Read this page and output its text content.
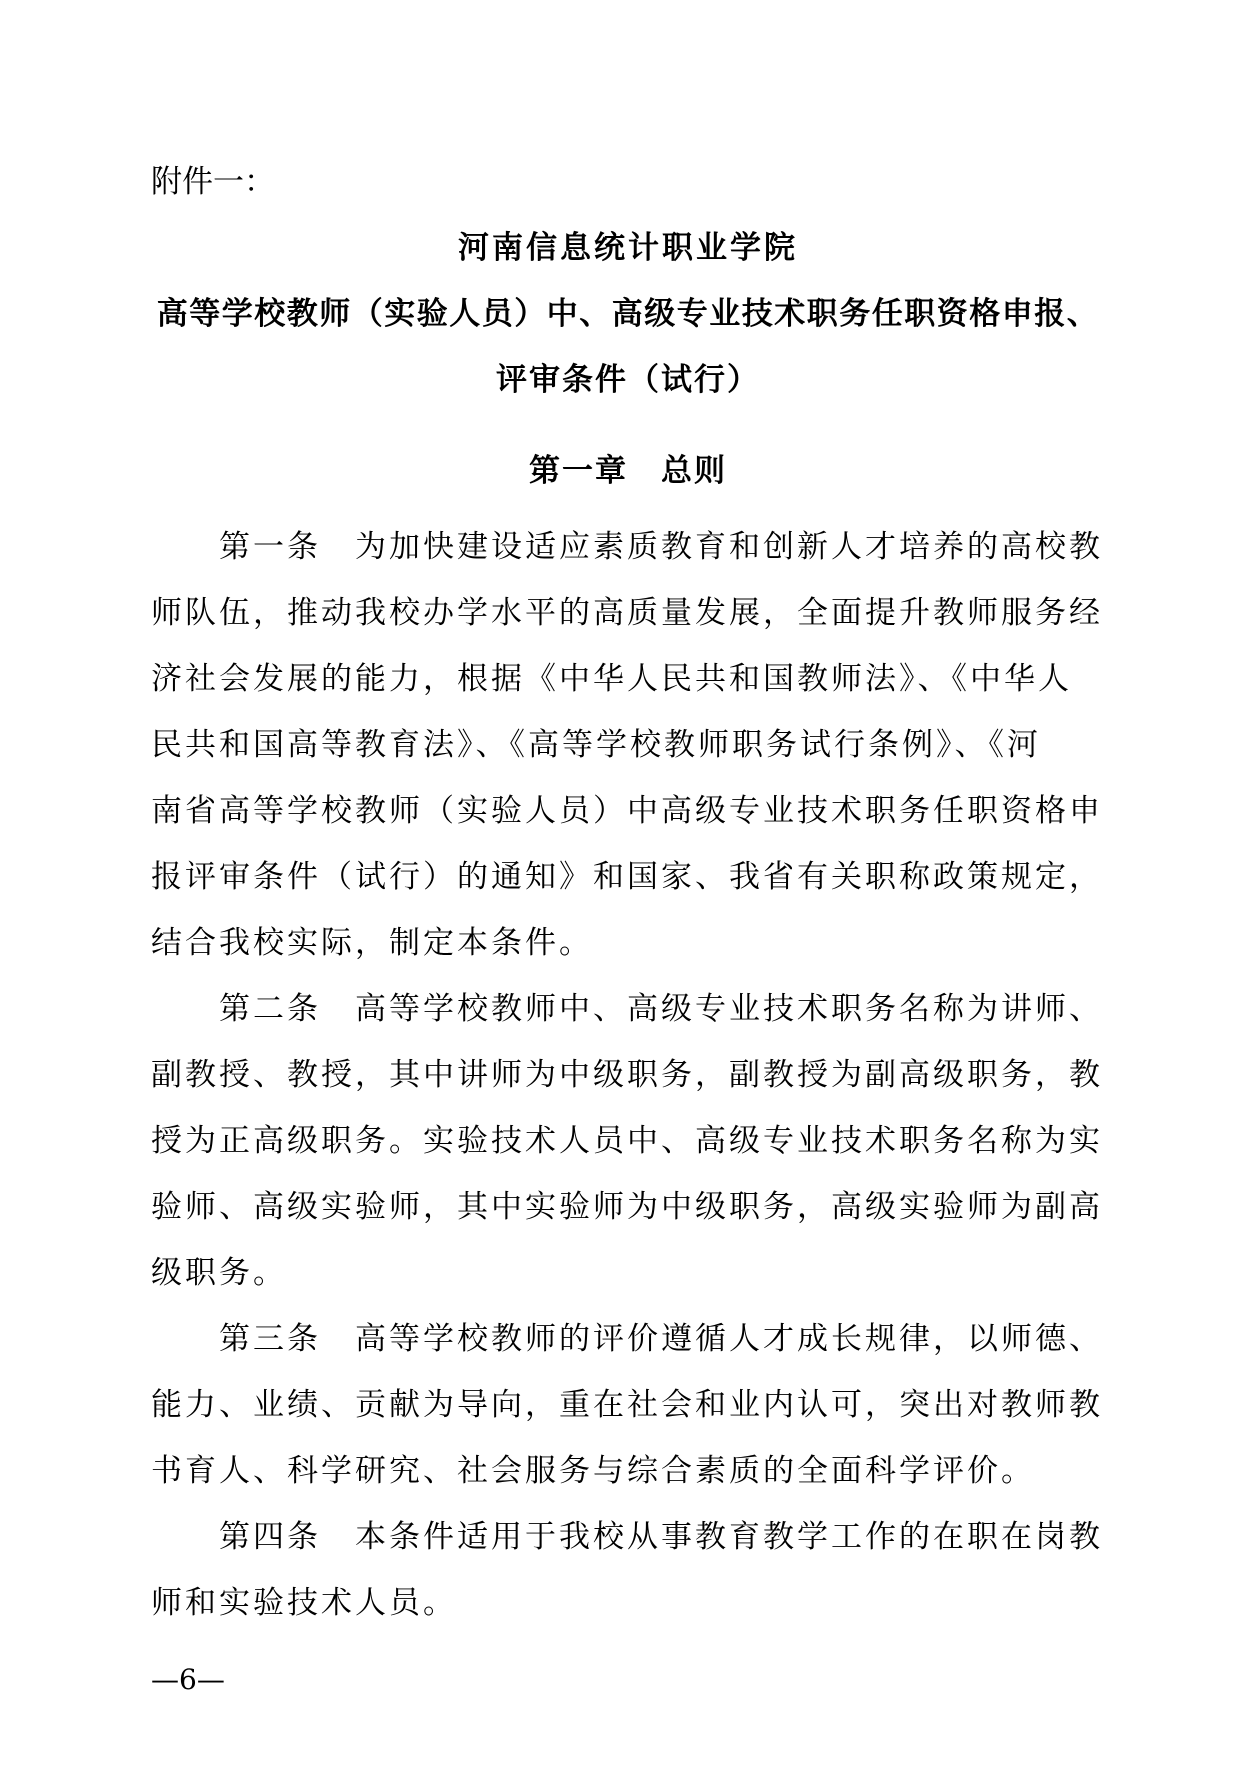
附件一：
河南信息统计职业学院
高等学校教师（实验人员）中、高级专业技术职务任职资格申报、
评审条件（试行）
第一章　总则
第一条　为加快建设适应素质教育和创新人才培养的高校教
师队伍，推动我校办学水平的高质量发展，全面提升教师服务经
济社会发展的能力，根据《中华人民共和国教师法》、《中华人
民共和国高等教育法》、《高等学校教师职务试行条例》、《河
南省高等学校教师（实验人员）中高级专业技术职务任职资格申
报评审条件（试行）的通知》和国家、我省有关职称政策规定，
结合我校实际，制定本条件。
第二条　高等学校教师中、高级专业技术职务名称为讲师、
副教授、教授，其中讲师为中级职务，副教授为副高级职务，教
授为正高级职务。实验技术人员中、高级专业技术职务名称为实
验师、高级实验师，其中实验师为中级职务，高级实验师为副高
级职务。
第三条　高等学校教师的评价遵循人才成长规律，以师德、
能力、业绩、贡献为导向，重在社会和业内认可，突出对教师教
书育人、科学研究、社会服务与综合素质的全面科学评价。
第四条　本条件适用于我校从事教育教学工作的在职在岗教
师和实验技术人员。
—6—
